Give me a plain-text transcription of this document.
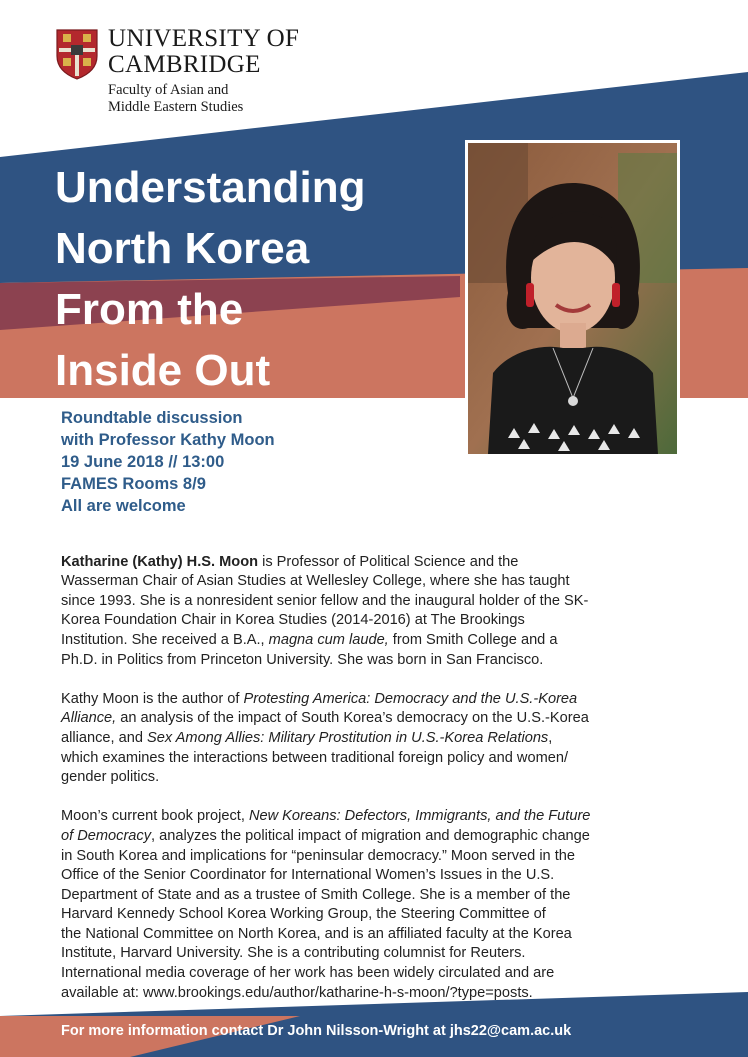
UNIVERSITY OF
CAMBRIDGE
Faculty of Asian and
Middle Eastern Studies
Understanding
North Korea
From the
Inside Out
Roundtable discussion
with Professor Kathy Moon
19 June 2018 // 13:00
FAMES Rooms 8/9
All are welcome

Katharine (Kathy) H.S. Moon is Professor of Political Science and the
Wasserman Chair of Asian Studies at Wellesley College, where she has taught
since 1993. She is a nonresident senior fellow and the inaugural holder of the SK-
Korea Foundation Chair in Korea Studies (2014-2016) at The Brookings
Institution. She received a B.A., magna cum laude, from Smith College and a
Ph.D. in Politics from Princeton University. She was born in San Francisco.

Kathy Moon is the author of Protesting America: Democracy and the U.S.-Korea
Alliance, an analysis of the impact of South Korea’s democracy on the U.S.-Korea
alliance, and Sex Among Allies: Military Prostitution in U.S.-Korea Relations,
which examines the interactions between traditional foreign policy and women/
gender politics.

Moon’s current book project, New Koreans: Defectors, Immigrants, and the Future
of Democracy, analyzes the political impact of migration and demographic change
in South Korea and implications for “peninsular democracy.” Moon served in the
Office of the Senior Coordinator for International Women’s Issues in the U.S.
Department of State and as a trustee of Smith College. She is a member of the
Harvard Kennedy School Korea Working Group, the Steering Committee of
the National Committee on North Korea, and is an affiliated faculty at the Korea
Institute, Harvard University. She is a contributing columnist for Reuters.
International media coverage of her work has been widely circulated and are
available at: www.brookings.edu/author/katharine-h-s-moon/?type=posts.

For more information contact Dr John Nilsson-Wright at jhs22@cam.ac.uk
